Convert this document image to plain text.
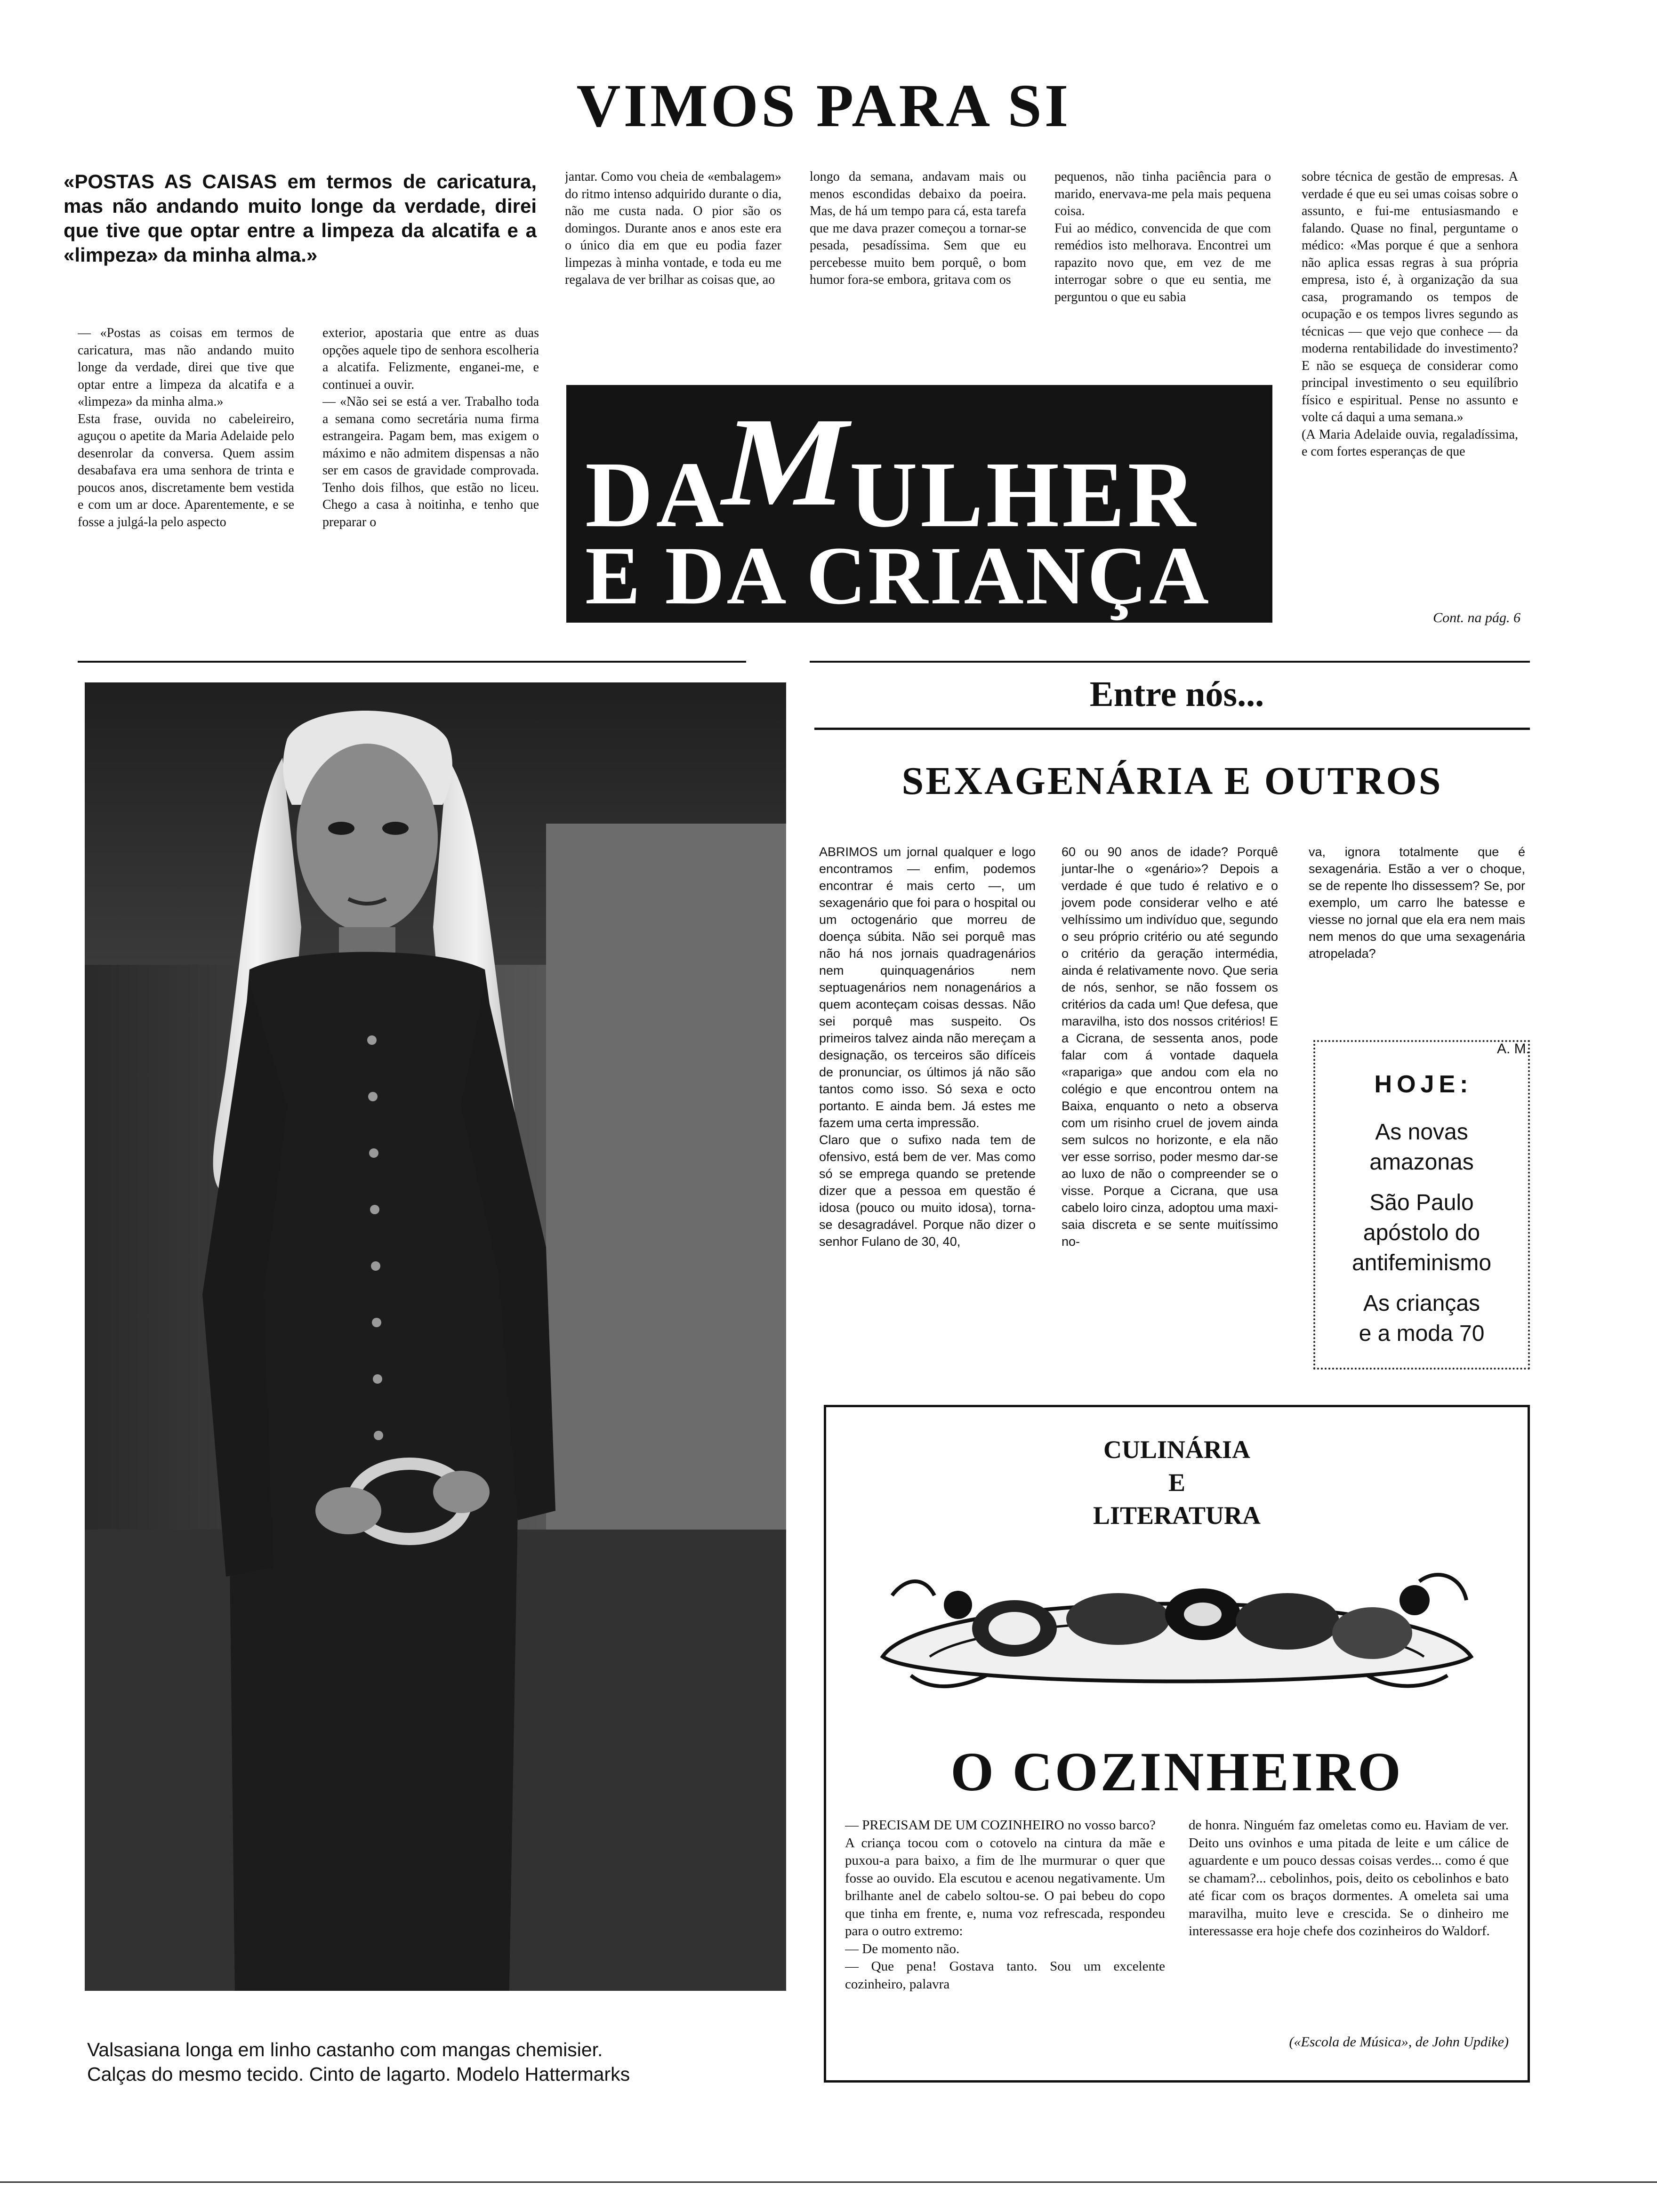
VIMOS PARA SI
«POSTAS AS CAISAS em termos de caricatura, mas não andando muito longe da verdade, direi que tive que optar entre a limpeza da alcatifa e a «limpeza» da minha alma.»
— «Postas as coisas em termos de caricatura, mas não andando muito longe da verdade, direi que tive que optar entre a limpeza da alcatifa e a «limpeza» da minha alma.»
Esta frase, ouvida no cabeleireiro, aguçou o apetite da Maria Adelaide pelo desenrolar da conversa. Quem assim desabafava era uma senhora de trinta e poucos anos, discretamente bem vestida e com um ar doce. Aparentemente, e se fosse a julgá-la pelo aspecto
exterior, apostaria que entre as duas opções aquele tipo de senhora escolheria a alcatifa. Felizmente, enganei-me, e continuei a ouvir.
— «Não sei se está a ver. Trabalho toda a semana como secretária numa firma estrangeira. Pagam bem, mas exigem o máximo e não admitem dispensas a não ser em casos de gravidade comprovada. Tenho dois filhos, que estão no liceu. Chego a casa à noitinha, e tenho que preparar o
jantar. Como vou cheia de «embalagem» do ritmo intenso adquirido durante o dia, não me custa nada. O pior são os domingos. Durante anos e anos este era o único dia em que eu podia fazer limpezas à minha vontade, e toda eu me regalava de ver brilhar as coisas que, ao
longo da semana, andavam mais ou menos escondidas debaixo da poeira. Mas, de há um tempo para cá, esta tarefa que me dava prazer começou a tornar-se pesada, pesadíssima. Sem que eu percebesse muito bem porquê, o bom humor fora-se embora, gritava com os
pequenos, não tinha paciência para o marido, enervava-me pela mais pequena coisa.
Fui ao médico, convencida de que com remédios isto melhorava. Encontrei um rapazito novo que, em vez de me interrogar sobre o que eu sentia, me perguntou o que eu sabia
sobre técnica de gestão de empresas. A verdade é que eu sei umas coisas sobre o assunto, e fui-me entusiasmando e falando. Quase no final, perguntame o médico: «Mas porque é que a senhora não aplica essas regras à sua própria empresa, isto é, à organização da sua casa, programando os tempos de ocupação e os tempos livres segundo as técnicas — que vejo que conhece — da moderna rentabilidade do investimento? E não se esqueça de considerar como principal investimento o seu equilíbrio físico e espiritual. Pense no assunto e volte cá daqui a uma semana.»
(A Maria Adelaide ouvia, regaladíssima, e com fortes esperanças de que
Cont. na pág. 6
DAMULHER
E DA CRIANÇA
Valsasiana longa em linho castanho com mangas chemisier.
Calças do mesmo tecido. Cinto de lagarto. Modelo Hattermarks
Entre nós...
SEXAGENÁRIA E OUTROS
ABRIMOS um jornal qualquer e logo encontramos — enfim, podemos encontrar é mais certo —, um sexagenário que foi para o hospital ou um octogenário que morreu de doença súbita. Não sei porquê mas não há nos jornais quadragenários nem quinquagenários nem septuagenários nem nonagenários a quem aconteçam coisas dessas. Não sei porquê mas suspeito. Os primeiros talvez ainda não mereçam a designação, os terceiros são difíceis de pronunciar, os últimos já não são tantos como isso. Só sexa e octo portanto. E ainda bem. Já estes me fazem uma certa impressão.
Claro que o sufixo nada tem de ofensivo, está bem de ver. Mas como só se emprega quando se pretende dizer que a pessoa em questão é idosa (pouco ou muito idosa), torna-se desagradável. Porque não dizer o senhor Fulano de 30, 40,
60 ou 90 anos de idade? Porquê juntar-lhe o «genário»? Depois a verdade é que tudo é relativo e o jovem pode considerar velho e até velhíssimo um indivíduo que, segundo o seu próprio critério ou até segundo o critério da geração intermédia, ainda é relativamente novo. Que seria de nós, senhor, se não fossem os critérios da cada um! Que defesa, que maravilha, isto dos nossos critérios! E a Cicrana, de sessenta anos, pode falar com á vontade daquela «rapariga» que andou com ela no colégio e que encontrou ontem na Baixa, enquanto o neto a observa com um risinho cruel de jovem ainda sem sulcos no horizonte, e ela não ver esse sorriso, poder mesmo dar-se ao luxo de não o compreender se o visse. Porque a Cicrana, que usa cabelo loiro cinza, adoptou uma maxi-saia discreta e se sente muitíssimo no-
va, ignora totalmente que é sexagenária. Estão a ver o choque, se de repente lho dissessem? Se, por exemplo, um carro lhe batesse e viesse no jornal que ela era nem mais nem menos do que uma sexagenária atropelada?
A. M.
HOJE:
As novas
amazonas
São Paulo
apóstolo do
antifeminismo
As crianças
e a moda 70
CULINÁRIA
E
LITERATURA
O COZINHEIRO
— PRECISAM DE UM COZINHEIRO no vosso barco?
A criança tocou com o cotovelo na cintura da mãe e puxou-a para baixo, a fim de lhe murmurar o quer que fosse ao ouvido. Ela escutou e acenou negativamente. Um brilhante anel de cabelo soltou-se. O pai bebeu do copo que tinha em frente, e, numa voz refrescada, respondeu para o outro extremo:
— De momento não.
— Que pena! Gostava tanto. Sou um excelente cozinheiro, palavra
de honra. Ninguém faz omeletas como eu. Haviam de ver. Deito uns ovinhos e uma pitada de leite e um cálice de aguardente e um pouco dessas coisas verdes... como é que se chamam?... cebolinhos, pois, deito os cebolinhos e bato até ficar com os braços dormentes. A omeleta sai uma maravilha, muito leve e crescida. Se o dinheiro me interessasse era hoje chefe dos cozinheiros do Waldorf.
(«Escola de Música», de John Updike)
